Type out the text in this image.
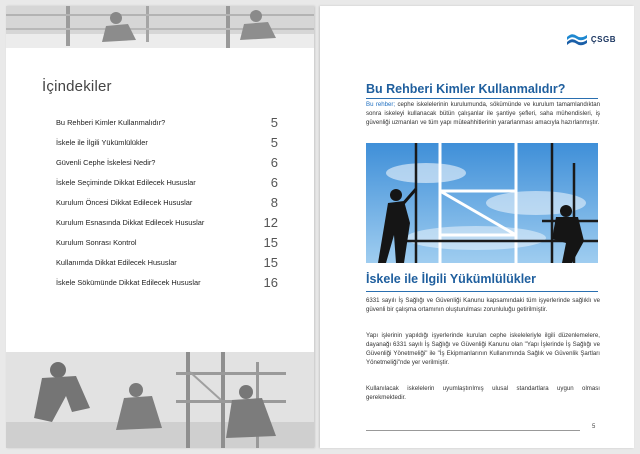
İçindekiler
Bu Rehberi Kimler Kullanmalıdır?	5
İskele ile İlgili Yükümlülükler	5
Güvenli Cephe İskelesi Nedir?	6
İskele Seçiminde Dikkat Edilecek Hususlar	6
Kurulum Öncesi Dikkat Edilecek Hususlar	8
Kurulum Esnasında Dikkat Edilecek Hususlar	12
Kurulum Sonrası Kontrol	15
Kullanımda Dikkat Edilecek Hususlar	15
İskele Sökümünde Dikkat Edilecek Hususlar	16
ÇSGB
Bu Rehberi Kimler Kullanmalıdır?

Bu rehber; cephe iskelelerinin kurulumunda, sökümünde ve kurulum tamamlandıktan sonra iskeleyi kullanacak bütün çalışanlar ile şantiye şefleri, saha mühendisleri, iş güvenliği uzmanları ve tüm yapı müteahhitlerinin yararlanması amacıyla hazırlanmıştır.

İskele ile İlgili Yükümlülükler

6331 sayılı İş Sağlığı ve Güvenliği Kanunu kapsamındaki tüm işyerlerinde sağlıklı ve güvenli bir çalışma ortamının oluşturulması zorunluluğu getirilmiştir.

Yapı işlerinin yapıldığı işyerlerinde kurulan cephe iskeleleriyle ilgili düzenlemelere, dayanağı 6331 sayılı İş Sağlığı ve Güvenliği Kanunu olan "Yapı İşlerinde İş Sağlığı ve Güvenliği Yönetmeliği" ile "İş Ekipmanlarının Kullanımında Sağlık ve Güvenlik Şartları Yönetmeliği"nde yer verilmiştir.

Kullanılacak iskelelerin uyumlaştırılmış ulusal standartlara uygun olması gerekmektedir.

5
